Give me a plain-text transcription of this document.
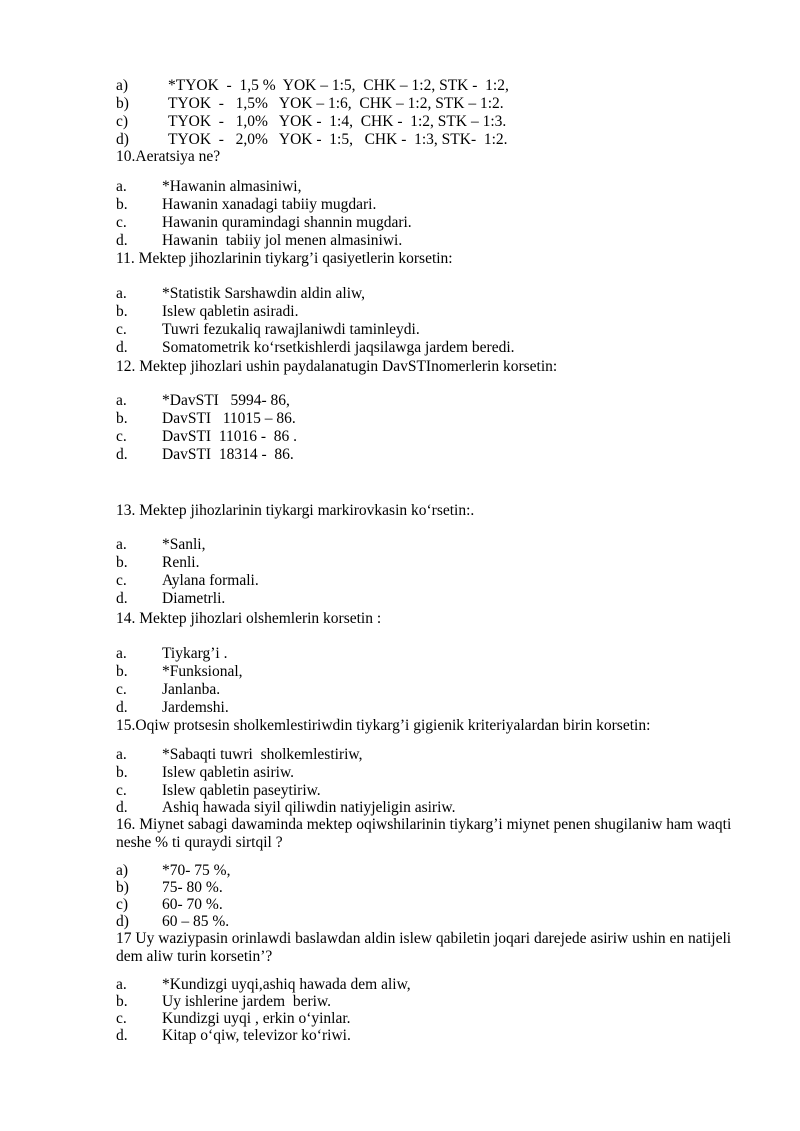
a)	*TYOK  -  1,5 %  YOK – 1:5,  CHK – 1:2, STK -  1:2,
b)	TYOK  -   1,5%   YOK – 1:6,  CHK – 1:2, STK – 1:2.
c)	TYOK  -   1,0%   YOK -  1:4,  CHK -  1:2, STK – 1:3.
d)	TYOK  -   2,0%   YOK -  1:5,   CHK -  1:3, STK-  1:2.
10.Aeratsiya ne?
a. *Hawanin almasiniwi,
b. Hawanin xanadagi tabiiy mugdari.
c. Hawanin quramindagi shannin mugdari.
d. Hawanin  tabiiy jol menen almasiniwi.
11. Mektep jihozlarinin tiykarg’i qasiyetlerin korsetin:
a. *Statistik Sarshawdin aldin aliw,
b. Islew qabletin asiradi.
c. Tuwri fezukaliq rawajlaniwdi taminleydi.
d. Somatometrik ko‘rsetkishlerdi jaqsilawga jardem beredi.
12. Mektep jihozlari ushin paydalanatugin DavSTInomerlerin korsetin:
a. *DavSTI   5994- 86,
b. DavSTI   11015 – 86.
c. DavSTI  11016 -  86 .
d. DavSTI  18314 -  86.
13. Mektep jihozlarinin tiykargi markirovkasin ko‘rsetin:.
a. *Sanli,
b. Renli.
c. Aylana formali.
d. Diametrli.
14. Mektep jihozlari olshemlerin korsetin :
a. Tiykarg’i .
b. *Funksional,
c. Janlanba.
d. Jardemshi.
15.Oqiw protsesin sholkemlestiriwdin tiykarg’i gigienik kriteriyalardan birin korsetin:
a. *Sabaqti tuwri  sholkemlestiriw,
b. Islew qabletin asiriw.
c. Islew qabletin paseytiriw.
d. Ashiq hawada siyil qiliwdin natiyjeligin asiriw.
16. Miynet sabagi dawaminda mektep oqiwshilarinin tiykarg’i miynet penen shugilaniw ham waqti neshe % ti quraydi sirtqil ?
a) *70- 75 %,
b) 75- 80 %.
c) 60- 70 %.
d) 60 – 85 %.
17 Uy waziypasin orinlawdi baslawdan aldin islew qabiletin joqari darejede asiriw ushin en natijeli dem aliw turin korsetin’?
a. *Kundizgi uyqi,ashiq hawada dem aliw,
b. Uy ishlerine jardem  beriw.
c. Kundizgi uyqi , erkin o‘yinlar.
d. Kitap o‘qiw, televizor ko‘riwi.
